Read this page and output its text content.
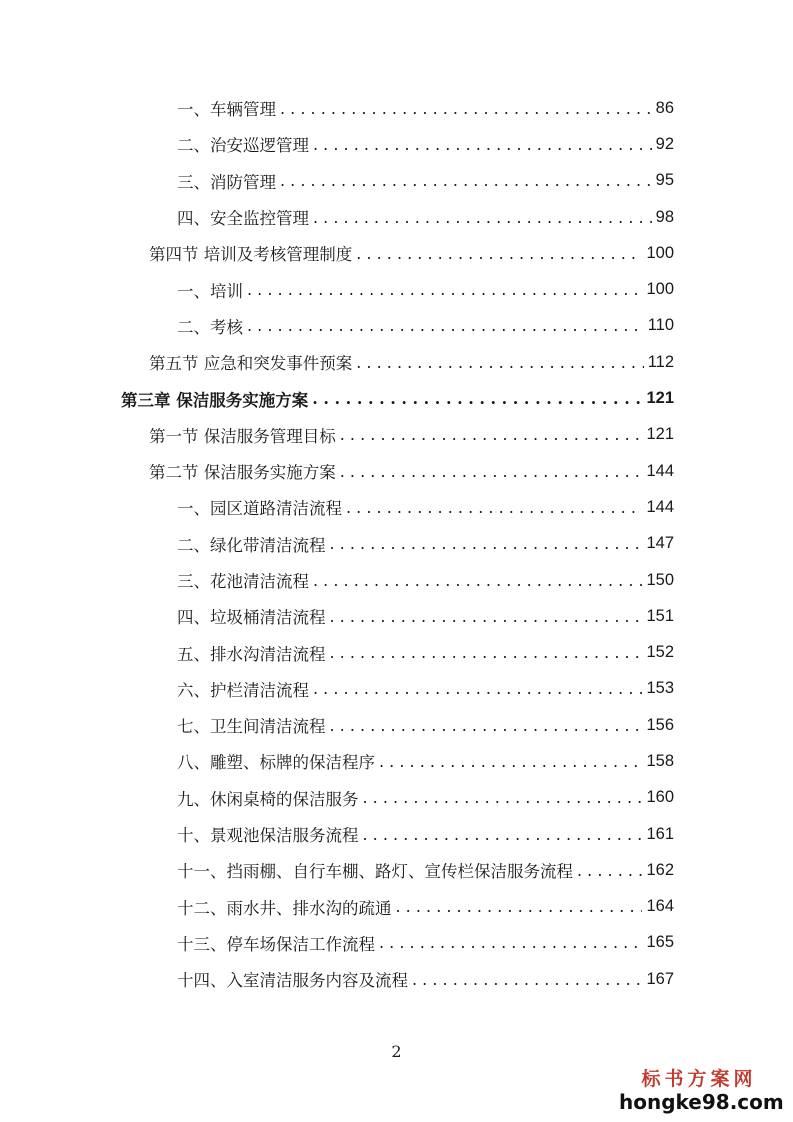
一、车辆管理 . . .	86
二、治安巡逻管理 . . .	92
三、消防管理 . . .	95
四、安全监控管理 . . .	98
第四节 培训及考核管理制度 . . .	100
一、培训 . . .	100
二、考核 . . .	110
第五节 应急和突发事件预案 . . .	112
第三章 保洁服务实施方案 . . .	121
第一节 保洁服务管理目标 . . .	121
第二节 保洁服务实施方案 . . .	144
一、园区道路清洁流程 . . .	144
二、绿化带清洁流程 . . .	147
三、花池清洁流程 . . .	150
四、垃圾桶清洁流程 . . .	151
五、排水沟清洁流程 . . .	152
六、护栏清洁流程 . . .	153
七、卫生间清洁流程 . . .	156
八、雕塑、标牌的保洁程序 . . .	158
九、休闲桌椅的保洁服务 . . .	160
十、景观池保洁服务流程 . . .	161
十一、挡雨棚、自行车棚、路灯、宣传栏保洁服务流程 . . .	162
十二、雨水井、排水沟的疏通 . . .	164
十三、停车场保洁工作流程 . . .	165
十四、入室清洁服务内容及流程 . . .	167
2
标书方案网
hongke98.com
